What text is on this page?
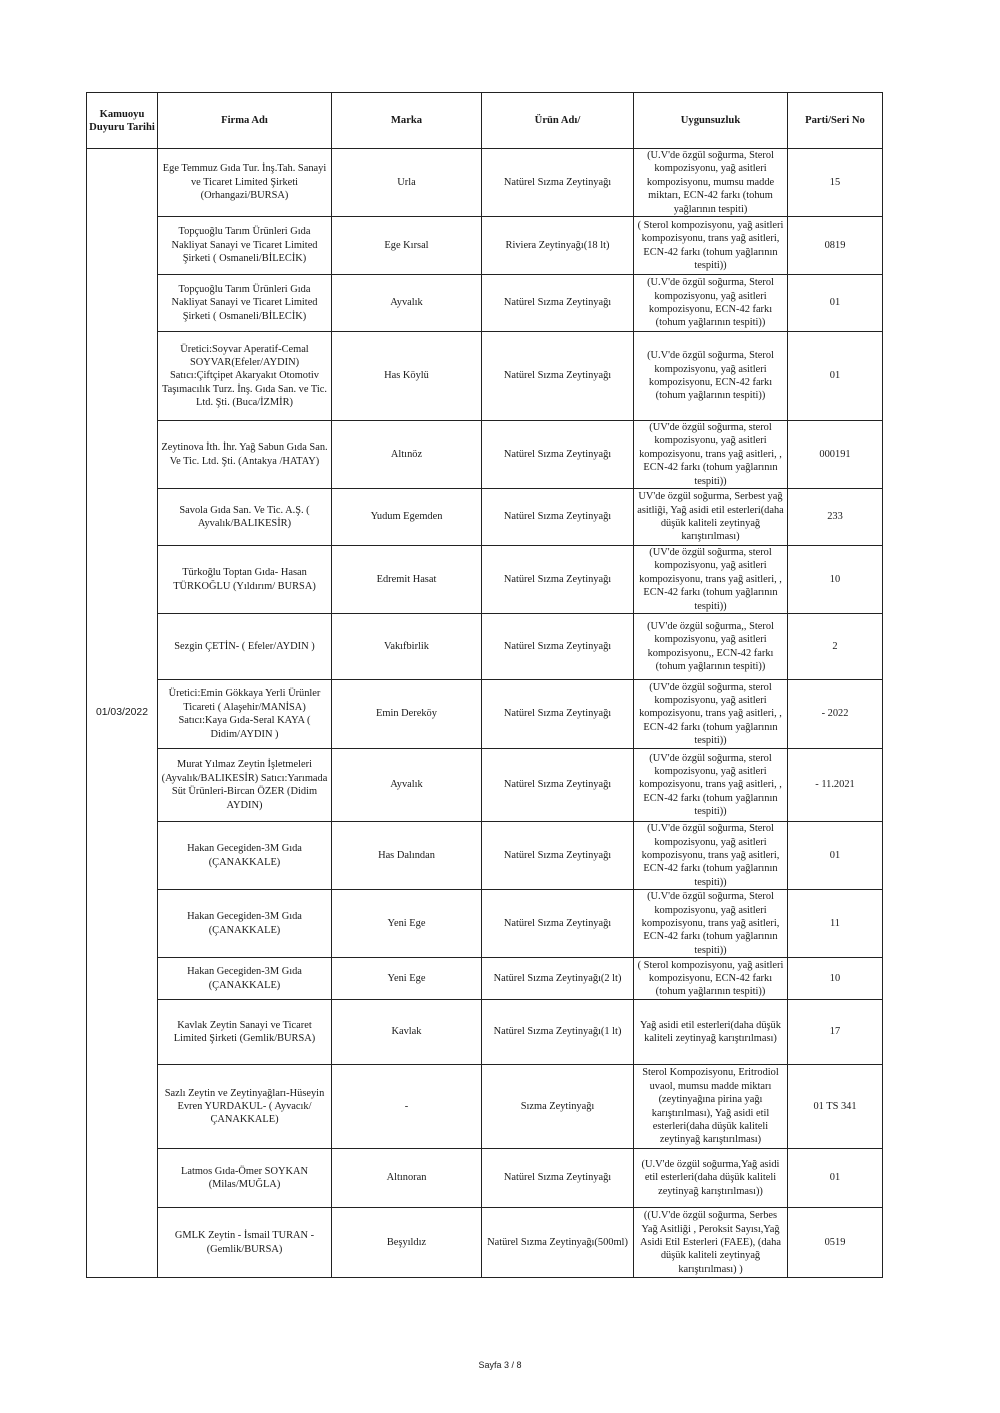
Kamuoyu Duyuru Tarihi	Firma Adı	Marka	Ürün Adı/	Uygunsuzluk	Parti/Seri No
01/03/2022	Ege Temmuz Gıda Tur. İnş.Tah. Sanayi ve Ticaret Limited Şirketi (Orhangazi/BURSA)	Urla	Natürel Sızma Zeytinyağı	(U.V'de özgül soğurma, Sterol kompozisyonu, yağ asitleri kompozisyonu, mumsu madde miktarı, ECN-42 farkı (tohum yağlarının tespiti)	15
	Topçuoğlu Tarım Ürünleri Gıda Nakliyat Sanayi ve Ticaret Limited Şirketi ( Osmaneli/BİLECİK)	Ege Kırsal	Riviera Zeytinyağı(18 lt)	( Sterol kompozisyonu, yağ asitleri kompozisyonu, trans yağ asitleri, ECN-42 farkı (tohum yağlarının tespiti))	0819
	Topçuoğlu Tarım Ürünleri Gıda Nakliyat Sanayi ve Ticaret Limited Şirketi ( Osmaneli/BİLECİK)	Ayvalık	Natürel Sızma Zeytinyağı	(U.V'de özgül soğurma, Sterol kompozisyonu, yağ asitleri kompozisyonu, ECN-42 farkı (tohum yağlarının tespiti))	01
	Üretici:Soyvar Aperatif-Cemal SOYVAR(Efeler/AYDIN) Satıcı:Çiftçipet Akaryakıt Otomotiv Taşımacılık Turz. İnş. Gıda San. ve Tic. Ltd. Şti. (Buca/İZMİR)	Has Köylü	Natürel Sızma Zeytinyağı	(U.V'de özgül soğurma, Sterol kompozisyonu, yağ asitleri kompozisyonu, ECN-42 farkı (tohum yağlarının tespiti))	01
	Zeytinova İth. İhr. Yağ Sabun Gıda San. Ve Tic. Ltd. Şti. (Antakya /HATAY)	Altınöz	Natürel Sızma Zeytinyağı	(UV'de özgül soğurma, sterol kompozisyonu, yağ asitleri kompozisyonu, trans yağ asitleri, , ECN-42 farkı (tohum yağlarının tespiti))	000191
	Savola Gıda San. Ve Tic. A.Ş. ( Ayvalık/BALIKESİR)	Yudum Egemden	Natürel Sızma Zeytinyağı	UV'de özgül soğurma, Serbest yağ asitliği, Yağ asidi etil esterleri(daha düşük kaliteli zeytinyağ karıştırılması)	233
	Türkoğlu Toptan Gıda- Hasan TÜRKOĞLU (Yıldırım/ BURSA)	Edremit Hasat	Natürel Sızma Zeytinyağı	(UV'de özgül soğurma, sterol kompozisyonu, yağ asitleri kompozisyonu, trans yağ asitleri, , ECN-42 farkı (tohum yağlarının tespiti))	10
	Sezgin ÇETİN- ( Efeler/AYDIN )	Vakıfbirlik	Natürel Sızma Zeytinyağı	(UV'de özgül soğurma,, Sterol kompozisyonu, yağ asitleri kompozisyonu,, ECN-42 farkı (tohum yağlarının tespiti))	2
	Üretici:Emin Gökkaya Yerli Ürünler Ticareti ( Alaşehir/MANİSA) Satıcı:Kaya Gıda-Seral KAYA ( Didim/AYDIN )	Emin Dereköy	Natürel Sızma Zeytinyağı	(UV'de özgül soğurma, sterol kompozisyonu, yağ asitleri kompozisyonu, trans yağ asitleri, , ECN-42 farkı (tohum yağlarının tespiti))	- 2022
	Murat Yılmaz Zeytin İşletmeleri (Ayvalık/BALIKESİR) Satıcı:Yarımada Süt Ürünleri-Bircan ÖZER (Didim AYDIN)	Ayvalık	Natürel Sızma Zeytinyağı	(UV'de özgül soğurma, sterol kompozisyonu, yağ asitleri kompozisyonu, trans yağ asitleri, , ECN-42 farkı (tohum yağlarının tespiti))	- 11.2021
	Hakan Gecegiden-3M Gıda (ÇANAKKALE)	Has Dalından	Natürel Sızma Zeytinyağı	(U.V'de özgül soğurma, Sterol kompozisyonu, yağ asitleri kompozisyonu, trans yağ asitleri, ECN-42 farkı (tohum yağlarının tespiti))	01
	Hakan Gecegiden-3M Gıda (ÇANAKKALE)	Yeni Ege	Natürel Sızma Zeytinyağı	(U.V'de özgül soğurma, Sterol kompozisyonu, yağ asitleri kompozisyonu, trans yağ asitleri, ECN-42 farkı (tohum yağlarının tespiti))	11
	Hakan Gecegiden-3M Gıda (ÇANAKKALE)	Yeni Ege	Natürel Sızma Zeytinyağı(2 lt)	( Sterol kompozisyonu, yağ asitleri kompozisyonu, ECN-42 farkı (tohum yağlarının tespiti))	10
	Kavlak Zeytin Sanayi ve Ticaret Limited Şirketi (Gemlik/BURSA)	Kavlak	Natürel Sızma Zeytinyağı(1 lt)	Yağ asidi etil esterleri(daha düşük kaliteli zeytinyağ karıştırılması)	17
	Sazlı Zeytin ve Zeytinyağları-Hüseyin Evren YURDAKUL- ( Ayvacık/ÇANAKKALE)	-	Sızma Zeytinyağı	Sterol Kompozisyonu, Eritrodiol uvaol, mumsu madde miktarı (zeytinyağına pirina yağı karıştırılması), Yağ asidi etil esterleri(daha düşük kaliteli zeytinyağ karıştırılması)	01 TS 341
	Latmos Gıda-Ömer SOYKAN (Milas/MUĞLA)	Altınoran	Natürel Sızma Zeytinyağı	(U.V'de özgül soğurma,Yağ asidi etil esterleri(daha düşük kaliteli zeytinyağ karıştırılması))	01
	GMLK Zeytin - İsmail TURAN - (Gemlik/BURSA)	Beşyıldız	Natürel Sızma Zeytinyağı(500ml)	((U.V'de özgül soğurma, Serbes Yağ Asitliği , Peroksit Sayısı,Yağ Asidi Etil Esterleri (FAEE), (daha düşük kaliteli zeytinyağ karıştırılması) )	0519
Sayfa 3 / 8
